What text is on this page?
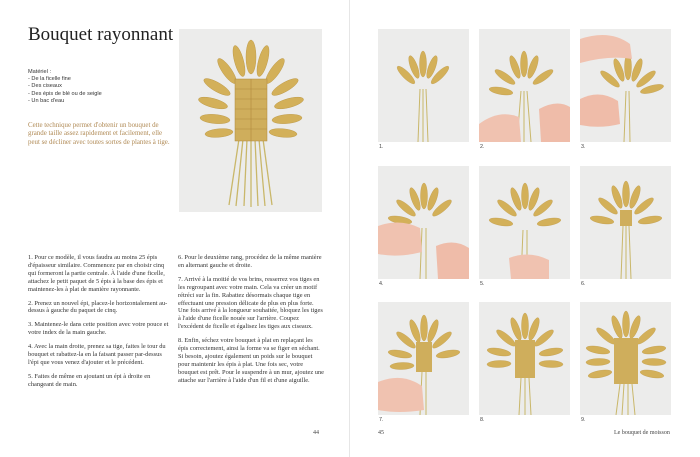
Bouquet rayonnant
Matériel :
- De la ficelle fine
- Des ciseaux
- Des épis de blé ou de seigle
- Un bac d'eau
Cette technique permet d'obtenir un bouquet de grande taille assez rapidement et facilement, elle peut se décliner avec toutes sortes de plantes à tige.

1. Pour ce modèle, il vous faudra au moins 25 épis d'épaisseur similaire. Commencez par en choisir cinq qui formeront la partie centrale. À l'aide d'une ficelle, attachez le petit paquet de 5 épis à la base des épis et maintenez-les à plat de manière rayonnante.

2. Prenez un nouvel épi, placez-le horizontalement au-dessus à gauche du paquet de cinq.

3. Maintenez-le dans cette position avec votre pouce et votre index de la main gauche.

4. Avec la main droite, prenez sa tige, faites le tour du bouquet et rabattez-la en la faisant passer par-dessus l'épi que vous venez d'ajouter et le précédent.

5. Faites de même en ajoutant un épi à droite en changeant de main.

6. Pour le deuxième rang, procédez de la même manière en alternant gauche et droite.

7. Arrivé à la moitié de vos brins, resserrez vos tiges en les regroupant avec votre main. Cela va créer un motif rétréci sur la fin. Rabattez désormais chaque tige en effectuant une pression délicate de plus en plus forte. Une fois arrivé à la longueur souhaitée, bloquez les tiges à l'aide d'une ficelle nouée sur l'arrière. Coupez l'excédent de ficelle et égalisez les tiges aux ciseaux.

8. Enfin, séchez votre bouquet à plat en replaçant les épis correctement, ainsi la forme va se figer en séchant. Si besoin, ajoutez également un poids sur le bouquet pour maintenir les épis à plat. Une fois sec, votre bouquet est prêt. Pour le suspendre à un mur, ajoutez une attache sur l'arrière à l'aide d'un fil et d'une aiguille.

44
1.	2.	3.
4.	5.	6.
7.	8.	9.
45	Le bouquet de moisson
